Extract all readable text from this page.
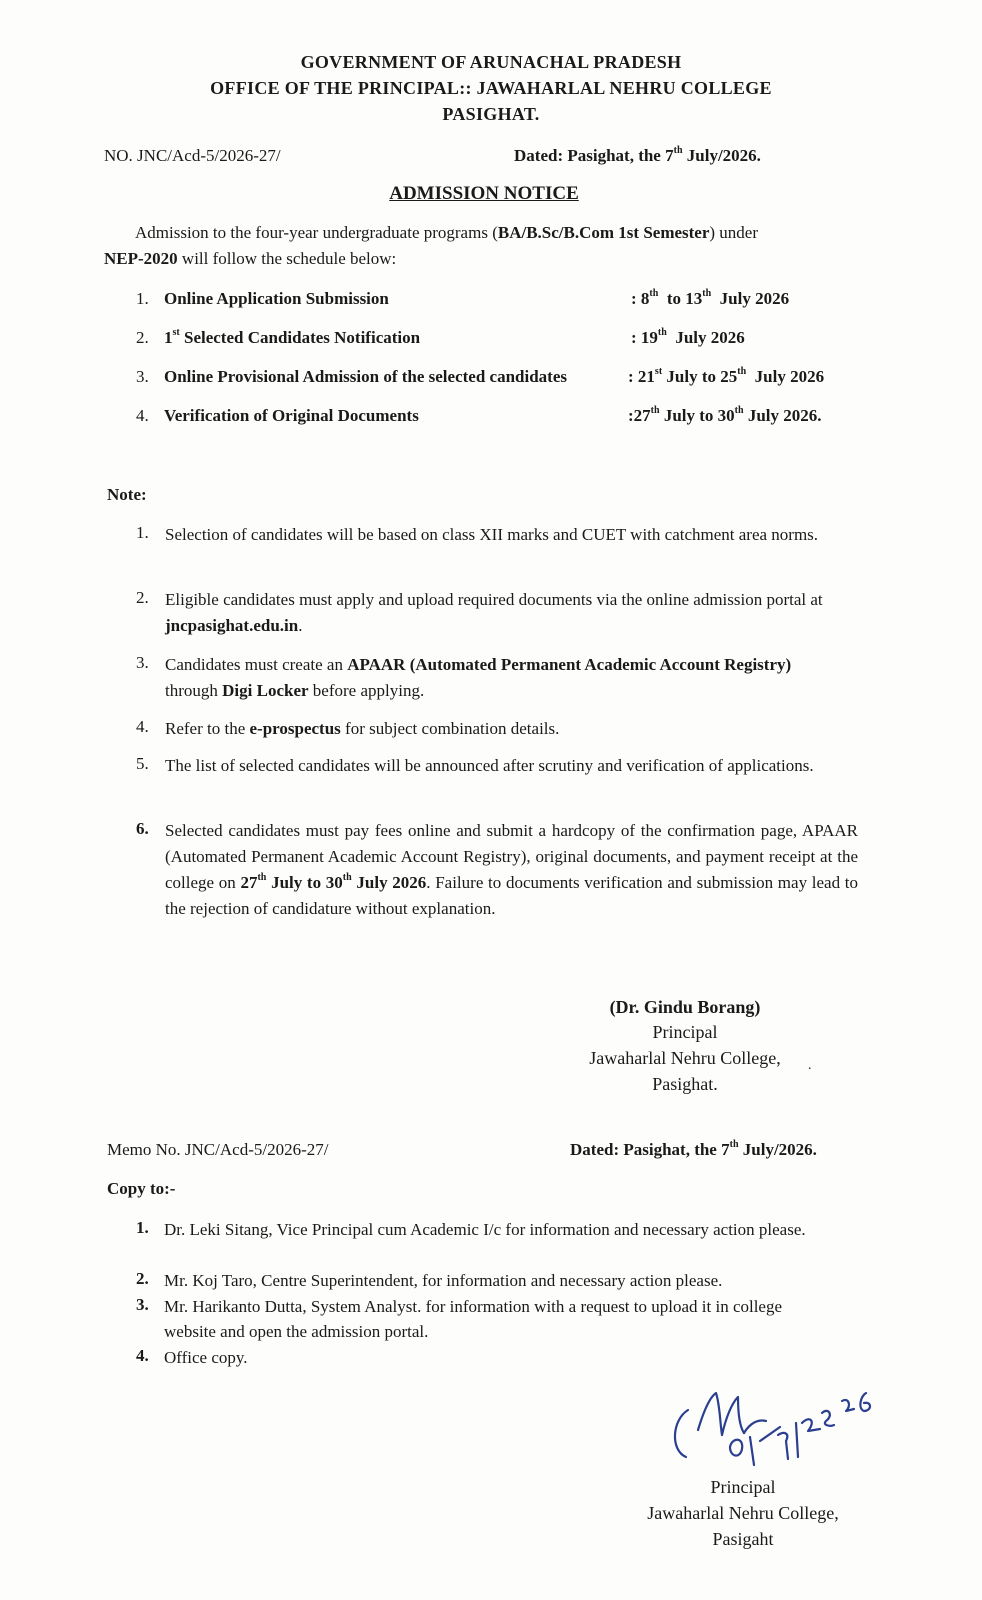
GOVERNMENT OF ARUNACHAL PRADESH
OFFICE OF THE PRINCIPAL:: JAWAHARLAL NEHRU COLLEGE
PASIGHAT.
NO. JNC/Acd-5/2026-27/	Dated: Pasighat, the 7th July/2026.
ADMISSION NOTICE
Admission to the four-year undergraduate programs (BA/B.Sc/B.Com 1st Semester) under
NEP-2020 will follow the schedule below:
1. Online Application Submission	: 8th  to 13th  July 2026
2. 1st Selected Candidates Notification	: 19th  July 2026
3. Online Provisional Admission of the selected candidates	: 21st July to 25th  July 2026
4. Verification of Original Documents	:27th July to 30th July 2026.
Note:
1. Selection of candidates will be based on class XII marks and CUET with catchment area norms.
2. Eligible candidates must apply and upload required documents via the online admission portal at jncpasighat.edu.in.
3. Candidates must create an APAAR (Automated Permanent Academic Account Registry) through Digi Locker before applying.
4. Refer to the e-prospectus for subject combination details.
5. The list of selected candidates will be announced after scrutiny and verification of applications.
6. Selected candidates must pay fees online and submit a hardcopy of the confirmation page, APAAR (Automated Permanent Academic Account Registry), original documents, and payment receipt at the college on 27th July to 30th July 2026. Failure to documents verification and submission may lead to the rejection of candidature without explanation.
(Dr. Gindu Borang)
Principal
Jawaharlal Nehru College,
Pasighat.
.
Memo No. JNC/Acd-5/2026-27/	Dated: Pasighat, the 7th July/2026.
Copy to:-
1. Dr. Leki Sitang, Vice Principal cum Academic I/c for information and necessary action please.
2. Mr. Koj Taro, Centre Superintendent, for information and necessary action please.
3. Mr. Harikanto Dutta, System Analyst. for information with a request to upload it in college website and open the admission portal.
4. Office copy.
Principal
Jawaharlal Nehru College,
Pasigaht
